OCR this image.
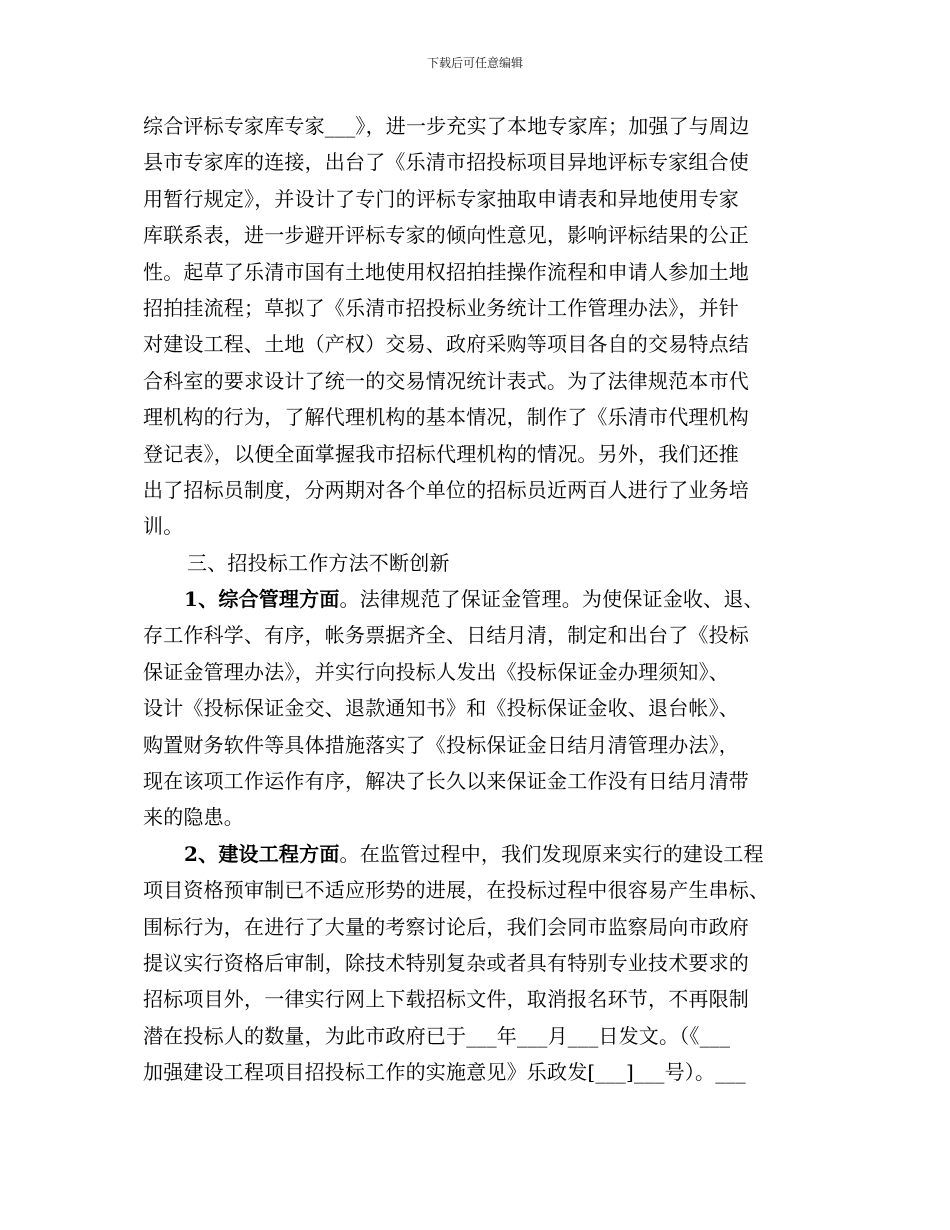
下载后可任意编辑
综合评标专家库专家___》，进一步充实了本地专家库；加强了与周边
县市专家库的连接，出台了《乐清市招投标项目异地评标专家组合使
用暂行规定》，并设计了专门的评标专家抽取申请表和异地使用专家
库联系表，进一步避开评标专家的倾向性意见，影响评标结果的公正
性。起草了乐清市国有土地使用权招拍挂操作流程和申请人参加土地
招拍挂流程；草拟了《乐清市招投标业务统计工作管理办法》，并针
对建设工程、土地（产权）交易、政府采购等项目各自的交易特点结
合科室的要求设计了统一的交易情况统计表式。为了法律规范本市代
理机构的行为，了解代理机构的基本情况，制作了《乐清市代理机构
登记表》，以便全面掌握我市招标代理机构的情况。另外，我们还推
出了招标员制度，分两期对各个单位的招标员近两百人进行了业务培
训。
三、招投标工作方法不断创新
1、综合管理方面。法律规范了保证金管理。为使保证金收、退、
存工作科学、有序，帐务票据齐全、日结月清，制定和出台了《投标
保证金管理办法》，并实行向投标人发出《投标保证金办理须知》、
设计《投标保证金交、退款通知书》和《投标保证金收、退台帐》、
购置财务软件等具体措施落实了《投标保证金日结月清管理办法》，
现在该项工作运作有序，解决了长久以来保证金工作没有日结月清带
来的隐患。
2、建设工程方面。在监管过程中，我们发现原来实行的建设工程
项目资格预审制已不适应形势的进展，在投标过程中很容易产生串标、
围标行为，在进行了大量的考察讨论后，我们会同市监察局向市政府
提议实行资格后审制，除技术特别复杂或者具有特别专业技术要求的
招标项目外，一律实行网上下载招标文件，取消报名环节，不再限制
潜在投标人的数量，为此市政府已于___年___月___日发文。（《___
加强建设工程项目招投标工作的实施意见》乐政发[___]___号）。___
